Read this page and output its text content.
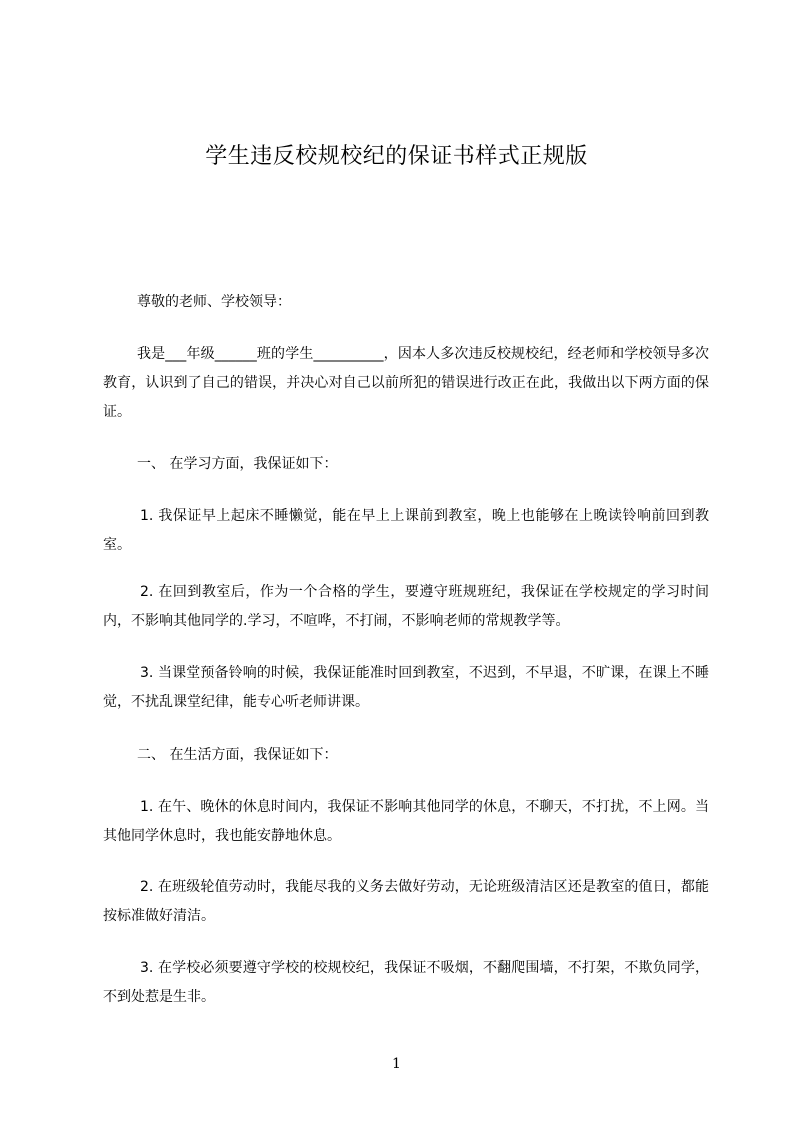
学生违反校规校纪的保证书样式正规版

尊敬的老师、学校领导：

我是___年级______班的学生__________，因本人多次违反校规校纪，经老师和学校领导多次教育，认识到了自己的错误，并决心对自己以前所犯的错误进行改正在此，我做出以下两方面的保证。

一、 在学习方面，我保证如下：

1. 我保证早上起床不睡懒觉，能在早上上课前到教室，晚上也能够在上晚读铃响前回到教室。

2. 在回到教室后，作为一个合格的学生，要遵守班规班纪，我保证在学校规定的学习时间内，不影响其他同学的.学习，不喧哗，不打闹，不影响老师的常规教学等。

3. 当课堂预备铃响的时候，我保证能准时回到教室，不迟到，不早退，不旷课，在课上不睡觉，不扰乱课堂纪律，能专心听老师讲课。

二、 在生活方面，我保证如下：

1. 在午、晚休的休息时间内，我保证不影响其他同学的休息，不聊天，不打扰，不上网。当其他同学休息时，我也能安静地休息。

2. 在班级轮值劳动时，我能尽我的义务去做好劳动，无论班级清洁区还是教室的值日，都能按标准做好清洁。

3. 在学校必须要遵守学校的校规校纪，我保证不吸烟，不翻爬围墙，不打架，不欺负同学，不到处惹是生非。

1
